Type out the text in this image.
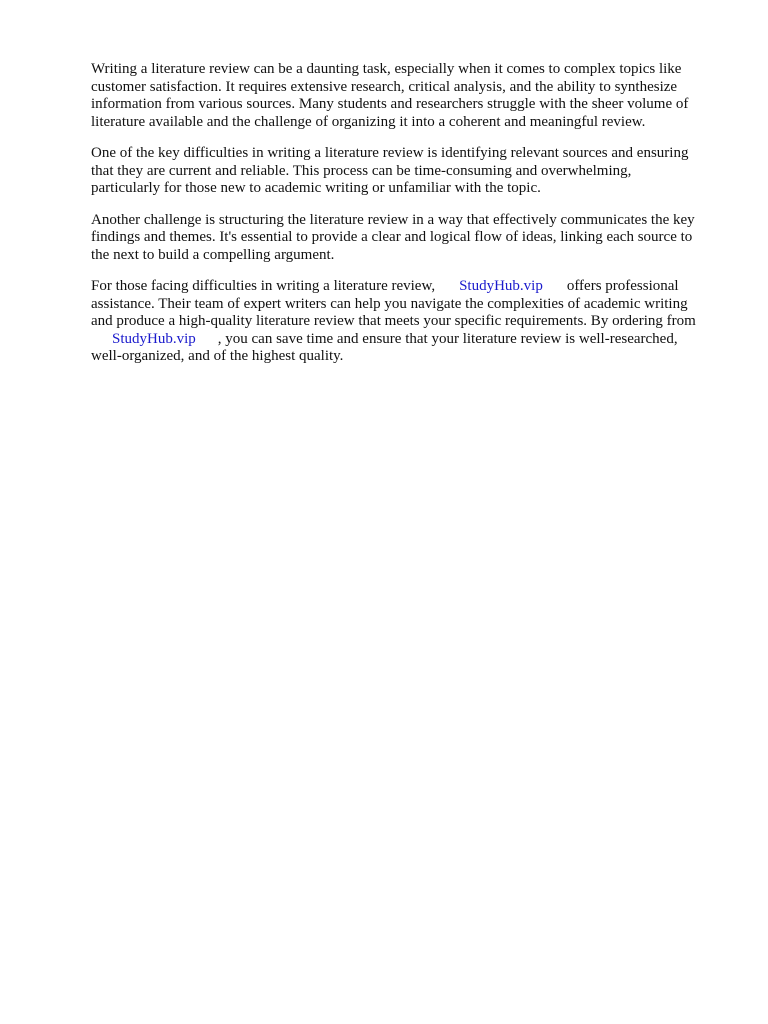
Writing a literature review can be a daunting task, especially when it comes to complex topics like
customer satisfaction. It requires extensive research, critical analysis, and the ability to synthesize
information from various sources. Many students and researchers struggle with the sheer volume of
literature available and the challenge of organizing it into a coherent and meaningful review.

One of the key difficulties in writing a literature review is identifying relevant sources and ensuring
that they are current and reliable. This process can be time-consuming and overwhelming,
particularly for those new to academic writing or unfamiliar with the topic.

Another challenge is structuring the literature review in a way that effectively communicates the key
findings and themes. It's essential to provide a clear and logical flow of ideas, linking each source to
the next to build a compelling argument.

For those facing difficulties in writing a literature review, StudyHub.vip offers professional
assistance. Their team of expert writers can help you navigate the complexities of academic writing
and produce a high-quality literature review that meets your specific requirements. By ordering from
StudyHub.vip , you can save time and ensure that your literature review is well-researched,
well-organized, and of the highest quality.
